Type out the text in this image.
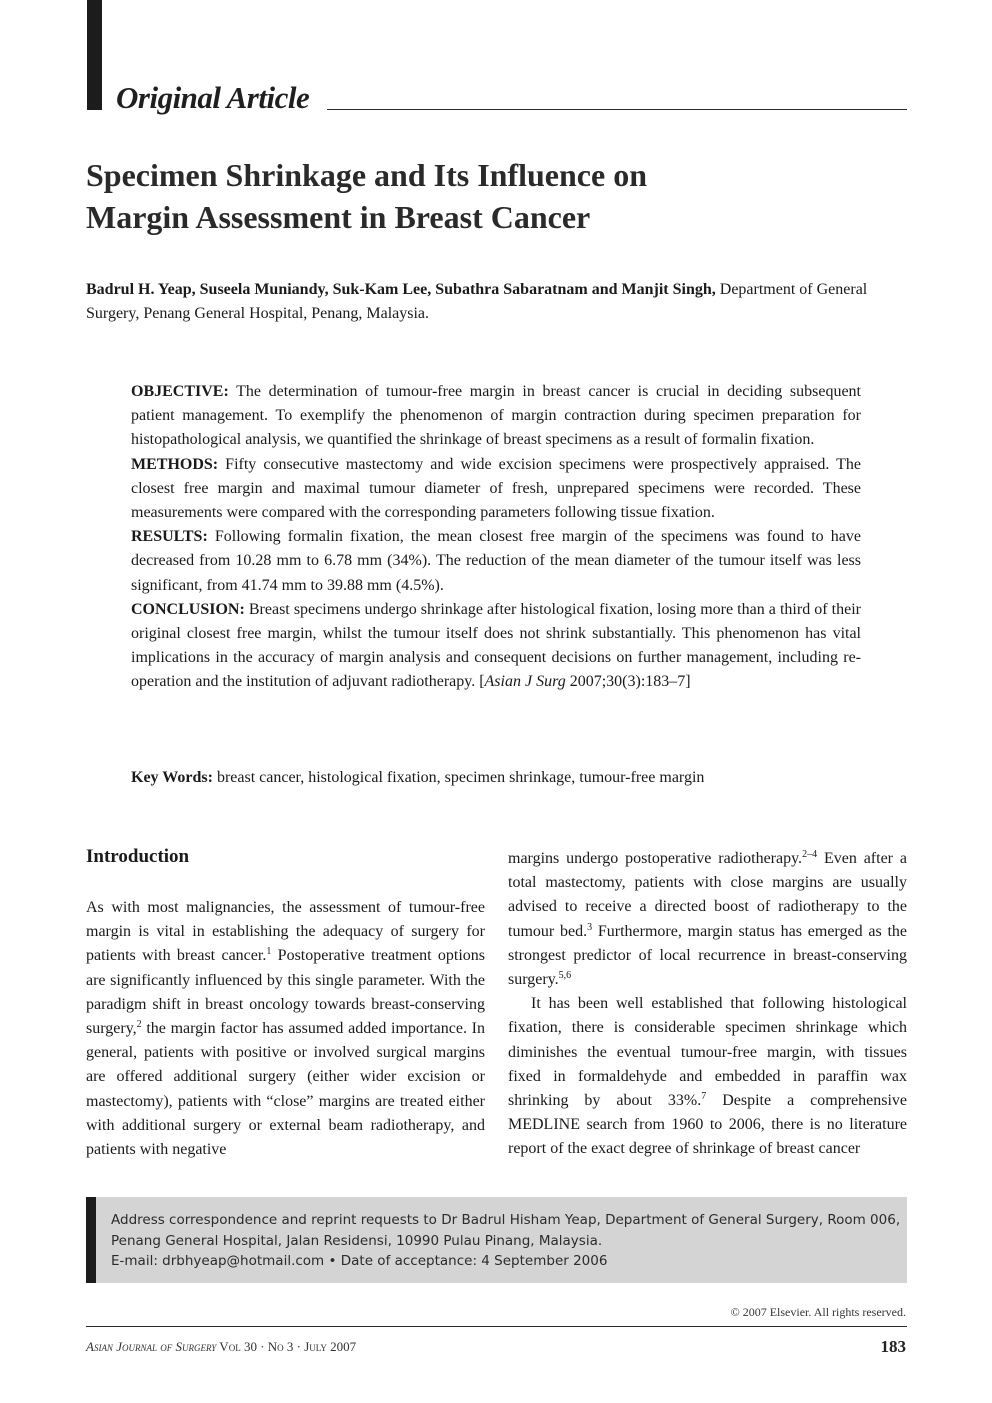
Original Article
Specimen Shrinkage and Its Influence on
Margin Assessment in Breast Cancer

Badrul H. Yeap, Suseela Muniandy, Suk-Kam Lee, Subathra Sabaratnam and Manjit Singh, Department of General Surgery, Penang General Hospital, Penang, Malaysia.

OBJECTIVE: The determination of tumour-free margin in breast cancer is crucial in deciding subsequent patient management. To exemplify the phenomenon of margin contraction during specimen preparation for histopathological analysis, we quantified the shrinkage of breast specimens as a result of formalin fixation.

METHODS: Fifty consecutive mastectomy and wide excision specimens were prospectively appraised. The closest free margin and maximal tumour diameter of fresh, unprepared specimens were recorded. These measurements were compared with the corresponding parameters following tissue fixation.

RESULTS: Following formalin fixation, the mean closest free margin of the specimens was found to have decreased from 10.28 mm to 6.78 mm (34%). The reduction of the mean diameter of the tumour itself was less significant, from 41.74 mm to 39.88 mm (4.5%).

CONCLUSION: Breast specimens undergo shrinkage after histological fixation, losing more than a third of their original closest free margin, whilst the tumour itself does not shrink substantially. This phenomenon has vital implications in the accuracy of margin analysis and consequent decisions on further management, including re-operation and the institution of adjuvant radiotherapy. [Asian J Surg 2007;30(3):183–7]

Key Words: breast cancer, histological fixation, specimen shrinkage, tumour-free margin

Introduction

As with most malignancies, the assessment of tumour-free margin is vital in establishing the adequacy of surgery for patients with breast cancer.$^1$ Postoperative treatment options are significantly influenced by this single parameter. With the paradigm shift in breast oncology towards breast-conserving surgery,$^2$ the margin factor has assumed added importance. In general, patients with positive or involved surgical margins are offered additional surgery (either wider excision or mastectomy), patients with “close” margins are treated either with additional surgery or external beam radiotherapy, and patients with negative

margins undergo postoperative radiotherapy.$^{2-4}$ Even after a total mastectomy, patients with close margins are usually advised to receive a directed boost of radiotherapy to the tumour bed.$^3$ Furthermore, margin status has emerged as the strongest predictor of local recurrence in breast-conserving surgery.$^{5,6}$

It has been well established that following histological fixation, there is considerable specimen shrinkage which diminishes the eventual tumour-free margin, with tissues fixed in formaldehyde and embedded in paraffin wax shrinking by about 33%.$^7$ Despite a comprehensive MEDLINE search from 1960 to 2006, there is no literature report of the exact degree of shrinkage of breast cancer

Address correspondence and reprint requests to Dr Badrul Hisham Yeap, Department of General Surgery, Room 006,
Penang General Hospital, Jalan Residensi, 10990 Pulau Pinang, Malaysia.
E-mail: drbhyeap@hotmail.com • Date of acceptance: 4 September 2006
© 2007 Elsevier. All rights reserved.
Asian Journal of Surgery Vol 30 · No 3 · July 2007	183
